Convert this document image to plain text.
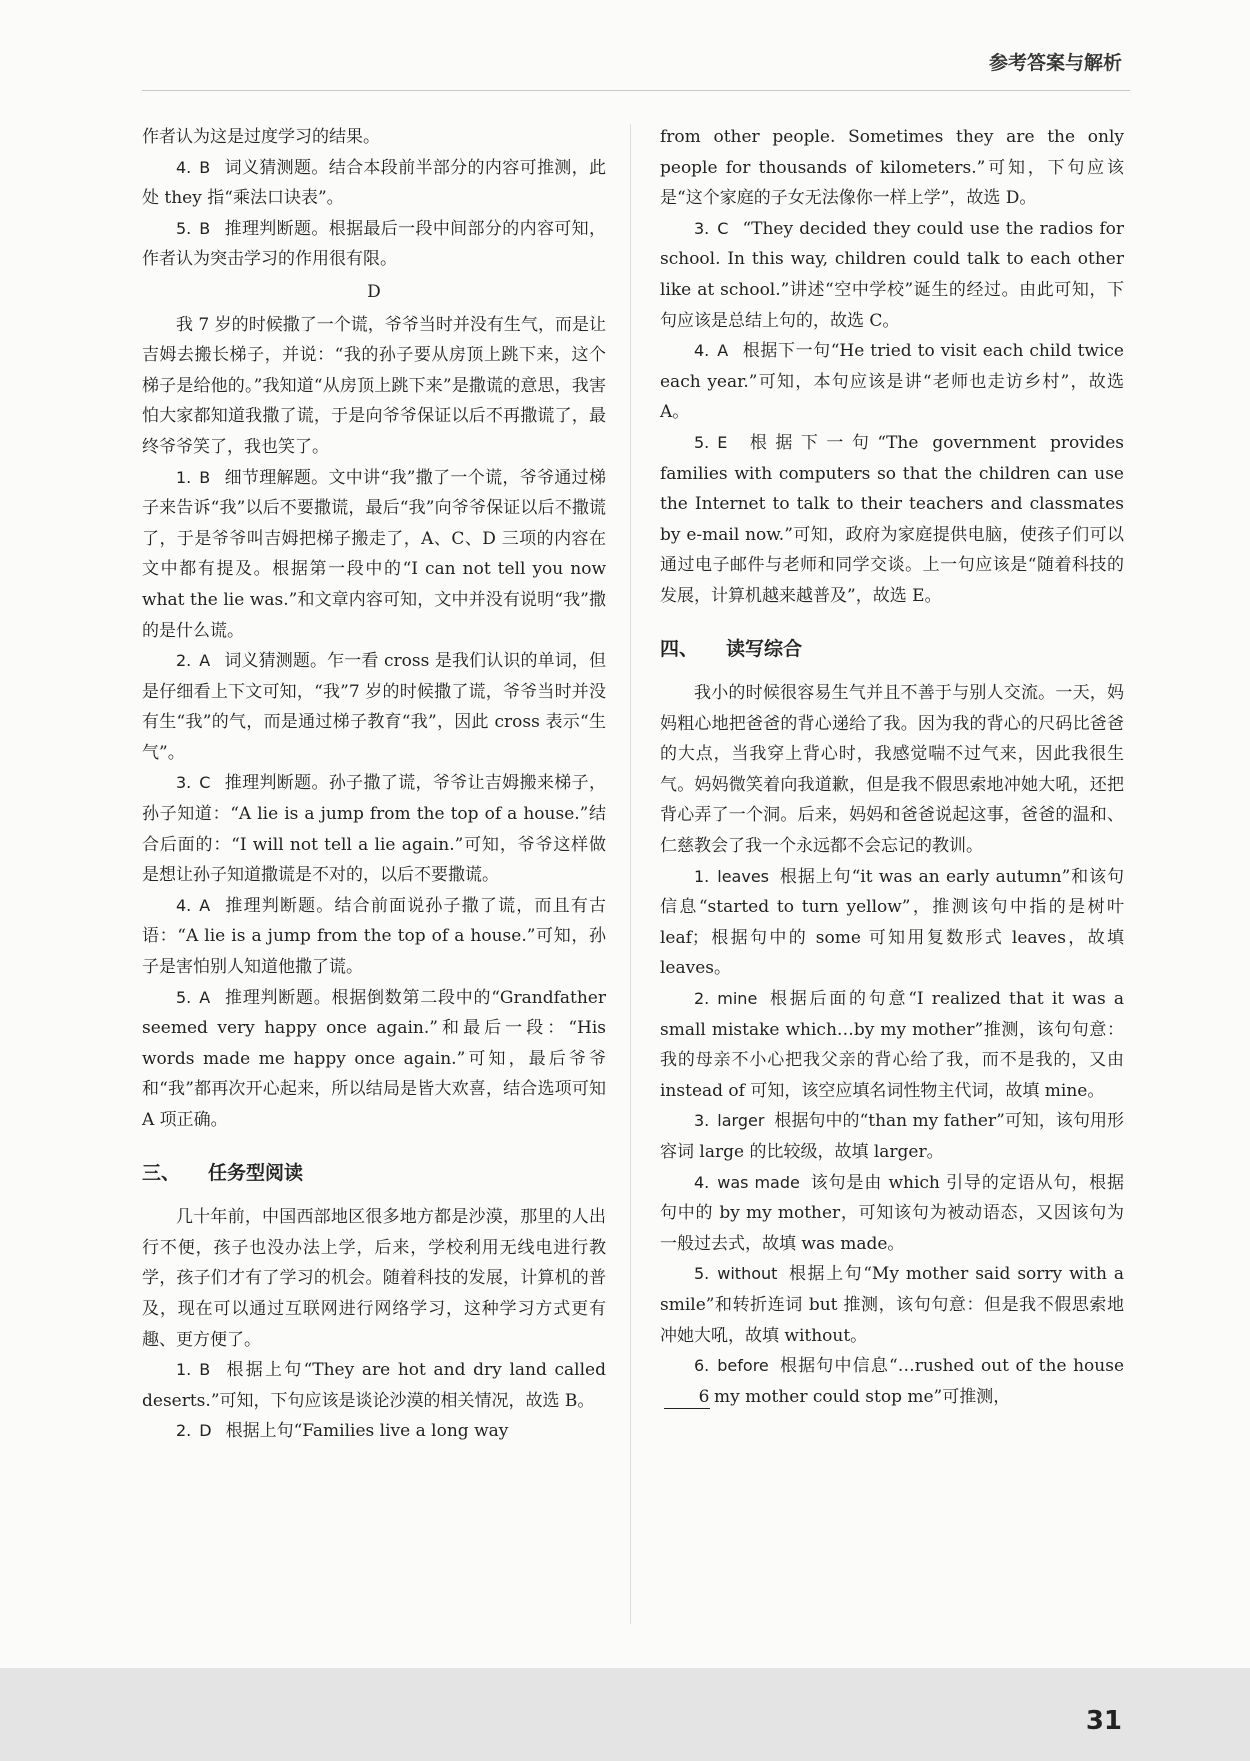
参考答案与解析

作者认为这是过度学习的结果。

4. B 词义猜测题。结合本段前半部分的内容可推测，此处 they 指“乘法口诀表”。

5. B 推理判断题。根据最后一段中间部分的内容可知，作者认为突击学习的作用很有限。

D

我 7 岁的时候撒了一个谎，爷爷当时并没有生气，而是让吉姆去搬长梯子，并说：“我的孙子要从房顶上跳下来，这个梯子是给他的。”我知道“从房顶上跳下来”是撒谎的意思，我害怕大家都知道我撒了谎，于是向爷爷保证以后不再撒谎了，最终爷爷笑了，我也笑了。

1. B 细节理解题。文中讲“我”撒了一个谎，爷爷通过梯子来告诉“我”以后不要撒谎，最后“我”向爷爷保证以后不撒谎了，于是爷爷叫吉姆把梯子搬走了，A、C、D 三项的内容在文中都有提及。根据第一段中的“I can not tell you now what the lie was.”和文章内容可知，文中并没有说明“我”撒的是什么谎。

2. A 词义猜测题。乍一看 cross 是我们认识的单词，但是仔细看上下文可知，“我”7 岁的时候撒了谎，爷爷当时并没有生“我”的气，而是通过梯子教育“我”，因此 cross 表示“生气”。

3. C 推理判断题。孙子撒了谎，爷爷让吉姆搬来梯子，孙子知道：“A lie is a jump from the top of a house.”结合后面的：“I will not tell a lie again.”可知，爷爷这样做是想让孙子知道撒谎是不对的，以后不要撒谎。

4. A 推理判断题。结合前面说孙子撒了谎，而且有古语：“A lie is a jump from the top of a house.”可知，孙子是害怕别人知道他撒了谎。

5. A 推理判断题。根据倒数第二段中的“Grandfather seemed very happy once again.”和最后一段：“His words made me happy once again.”可知，最后爷爷和“我”都再次开心起来，所以结局是皆大欢喜，结合选项可知 A 项正确。

三、 任务型阅读

几十年前，中国西部地区很多地方都是沙漠，那里的人出行不便，孩子也没办法上学，后来，学校利用无线电进行教学，孩子们才有了学习的机会。随着科技的发展，计算机的普及，现在可以通过互联网进行网络学习，这种学习方式更有趣、更方便了。

1. B 根据上句“They are hot and dry land called deserts.”可知，下句应该是谈论沙漠的相关情况，故选 B。

2. D 根据上句“Families live a long way

from other people. Sometimes they are the only people for thousands of kilometers.”可知，下句应该是“这个家庭的子女无法像你一样上学”，故选 D。

3. C “They decided they could use the radios for school. In this way, children could talk to each other like at school.”讲述“空中学校”诞生的经过。由此可知，下句应该是总结上句的，故选 C。

4. A 根据下一句“He tried to visit each child twice each year.”可知，本句应该是讲“老师也走访乡村”，故选 A。

5. E 根据下一句“The government provides families with computers so that the children can use the Internet to talk to their teachers and classmates by e-mail now.”可知，政府为家庭提供电脑，使孩子们可以通过电子邮件与老师和同学交谈。上一句应该是“随着科技的发展，计算机越来越普及”，故选 E。

四、 读写综合

我小的时候很容易生气并且不善于与别人交流。一天，妈妈粗心地把爸爸的背心递给了我。因为我的背心的尺码比爸爸的大点，当我穿上背心时，我感觉喘不过气来，因此我很生气。妈妈微笑着向我道歉，但是我不假思索地冲她大吼，还把背心弄了一个洞。后来，妈妈和爸爸说起这事，爸爸的温和、仁慈教会了我一个永远都不会忘记的教训。

1. leaves 根据上句“it was an early autumn”和该句信息“started to turn yellow”，推测该句中指的是树叶 leaf；根据句中的 some 可知用复数形式 leaves，故填 leaves。

2. mine 根据后面的句意“I realized that it was a small mistake which…by my mother”推测，该句句意：我的母亲不小心把我父亲的背心给了我，而不是我的，又由 instead of 可知，该空应填名词性物主代词，故填 mine。

3. larger 根据句中的“than my father”可知，该句用形容词 large 的比较级，故填 larger。

4. was made 该句是由 which 引导的定语从句，根据句中的 by my mother，可知该句为被动语态，又因该句为一般过去式，故填 was made。

5. without 根据上句“My mother said sorry with a smile”和转折连词 but 推测，该句句意：但是我不假思索地冲她大吼，故填 without。

6. before 根据句中信息“…rushed out of the house6 my mother could stop me”可推测，

31
